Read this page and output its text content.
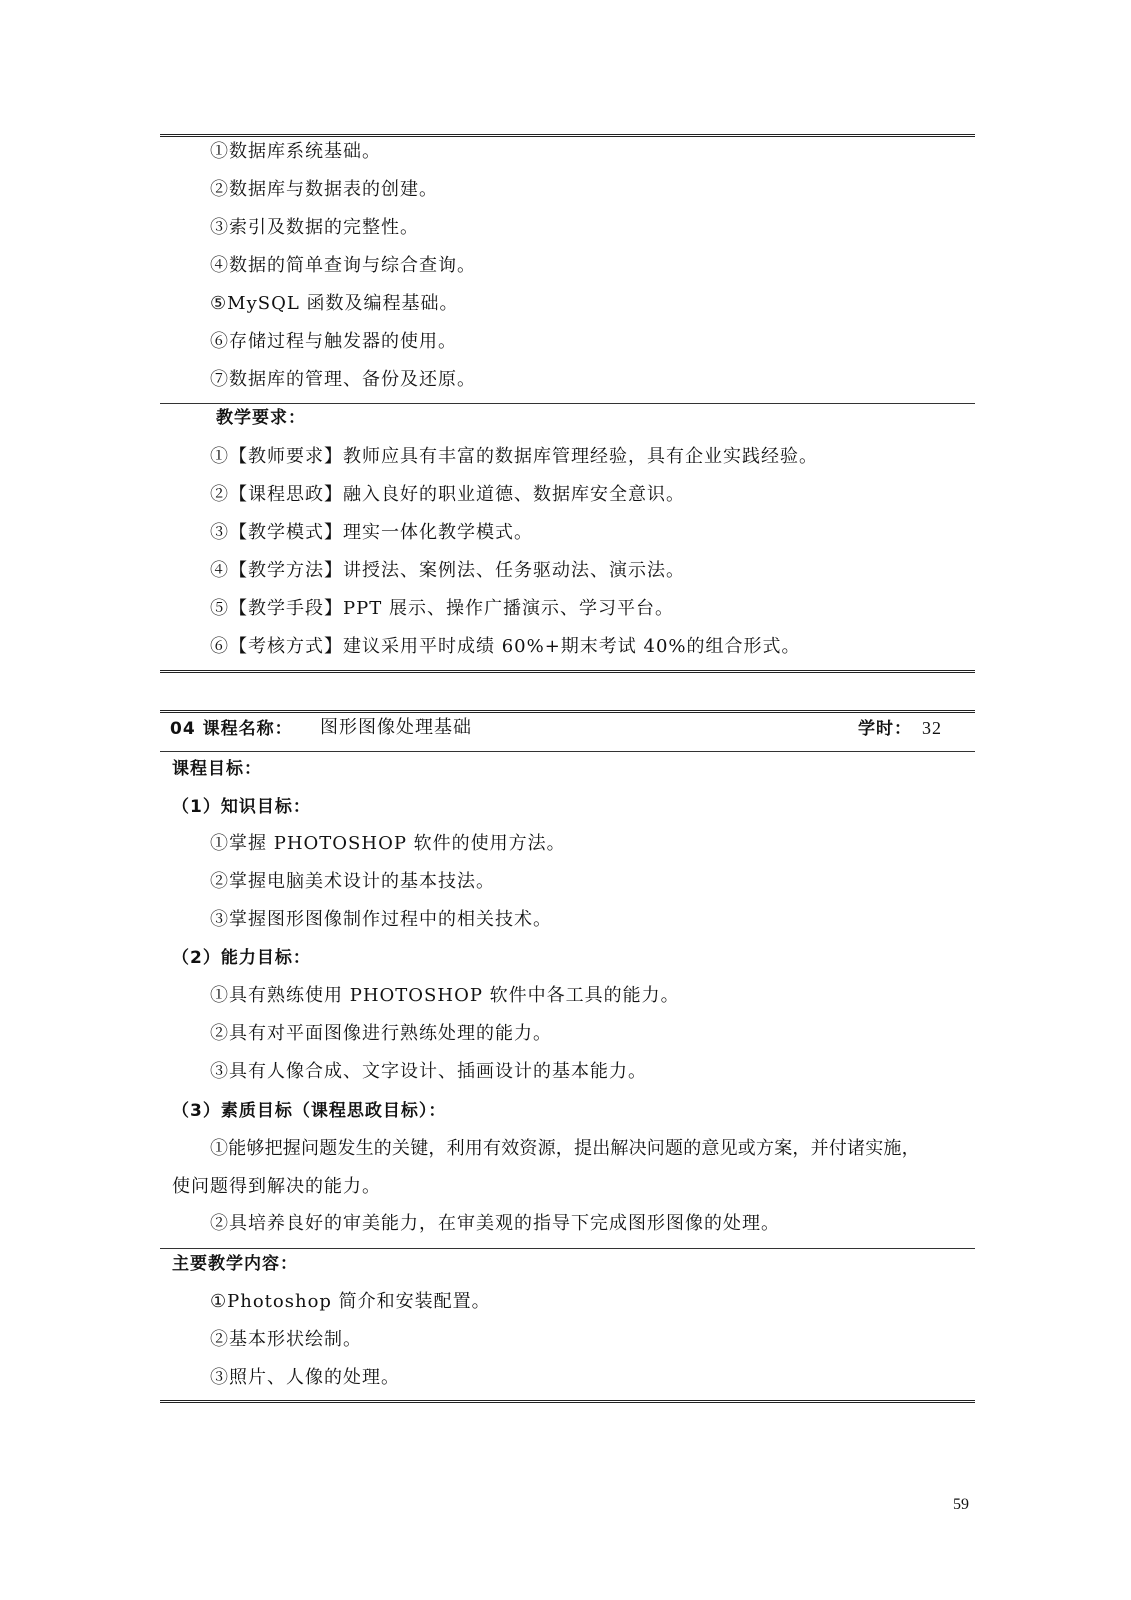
①数据库系统基础。
②数据库与数据表的创建。
③索引及数据的完整性。
④数据的简单查询与综合查询。
⑤MySQL 函数及编程基础。
⑥存储过程与触发器的使用。
⑦数据库的管理、备份及还原。
教学要求：
①【教师要求】教师应具有丰富的数据库管理经验，具有企业实践经验。
②【课程思政】融入良好的职业道德、数据库安全意识。
③【教学模式】理实一体化教学模式。
④【教学方法】讲授法、案例法、任务驱动法、演示法。
⑤【教学手段】PPT 展示、操作广播演示、学习平台。
⑥【考核方式】建议采用平时成绩 60%+期末考试 40%的组合形式。
04 课程名称： 图形图像处理基础	学时： 32
课程目标：
（1）知识目标：
①掌握 PHOTOSHOP 软件的使用方法。
②掌握电脑美术设计的基本技法。
③掌握图形图像制作过程中的相关技术。
（2）能力目标：
①具有熟练使用 PHOTOSHOP 软件中各工具的能力。
②具有对平面图像进行熟练处理的能力。
③具有人像合成、文字设计、插画设计的基本能力。
（3）素质目标（课程思政目标）：
①能够把握问题发生的关键，利用有效资源，提出解决问题的意见或方案，并付诸实施，
使问题得到解决的能力。
②具培养良好的审美能力，在审美观的指导下完成图形图像的处理。
主要教学内容：
①Photoshop 简介和安装配置。
②基本形状绘制。
③照片、人像的处理。
59
